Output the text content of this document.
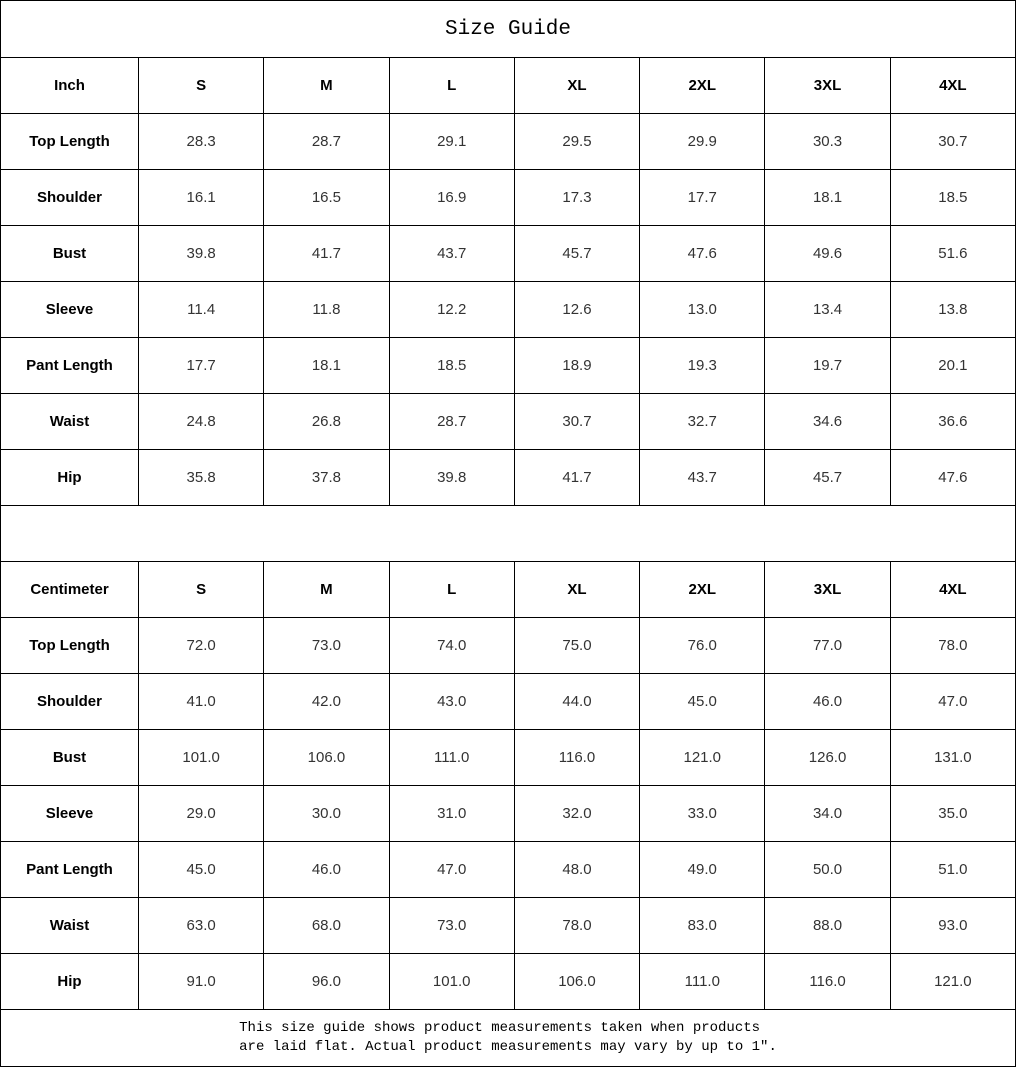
Size Guide							
Inch	S	M	L	XL	2XL	3XL	4XL
Top Length	28.3	28.7	29.1	29.5	29.9	30.3	30.7
Shoulder	16.1	16.5	16.9	17.3	17.7	18.1	18.5
Bust	39.8	41.7	43.7	45.7	47.6	49.6	51.6
Sleeve	11.4	11.8	12.2	12.6	13.0	13.4	13.8
Pant Length	17.7	18.1	18.5	18.9	19.3	19.7	20.1
Waist	24.8	26.8	28.7	30.7	32.7	34.6	36.6
Hip	35.8	37.8	39.8	41.7	43.7	45.7	47.6

Centimeter	S	M	L	XL	2XL	3XL	4XL
Top Length	72.0	73.0	74.0	75.0	76.0	77.0	78.0
Shoulder	41.0	42.0	43.0	44.0	45.0	46.0	47.0
Bust	101.0	106.0	111.0	116.0	121.0	126.0	131.0
Sleeve	29.0	30.0	31.0	32.0	33.0	34.0	35.0
Pant Length	45.0	46.0	47.0	48.0	49.0	50.0	51.0
Waist	63.0	68.0	73.0	78.0	83.0	88.0	93.0
Hip	91.0	96.0	101.0	106.0	111.0	116.0	121.0

This size guide shows product measurements taken when products
are laid flat. Actual product measurements may vary by up to 1″.							
